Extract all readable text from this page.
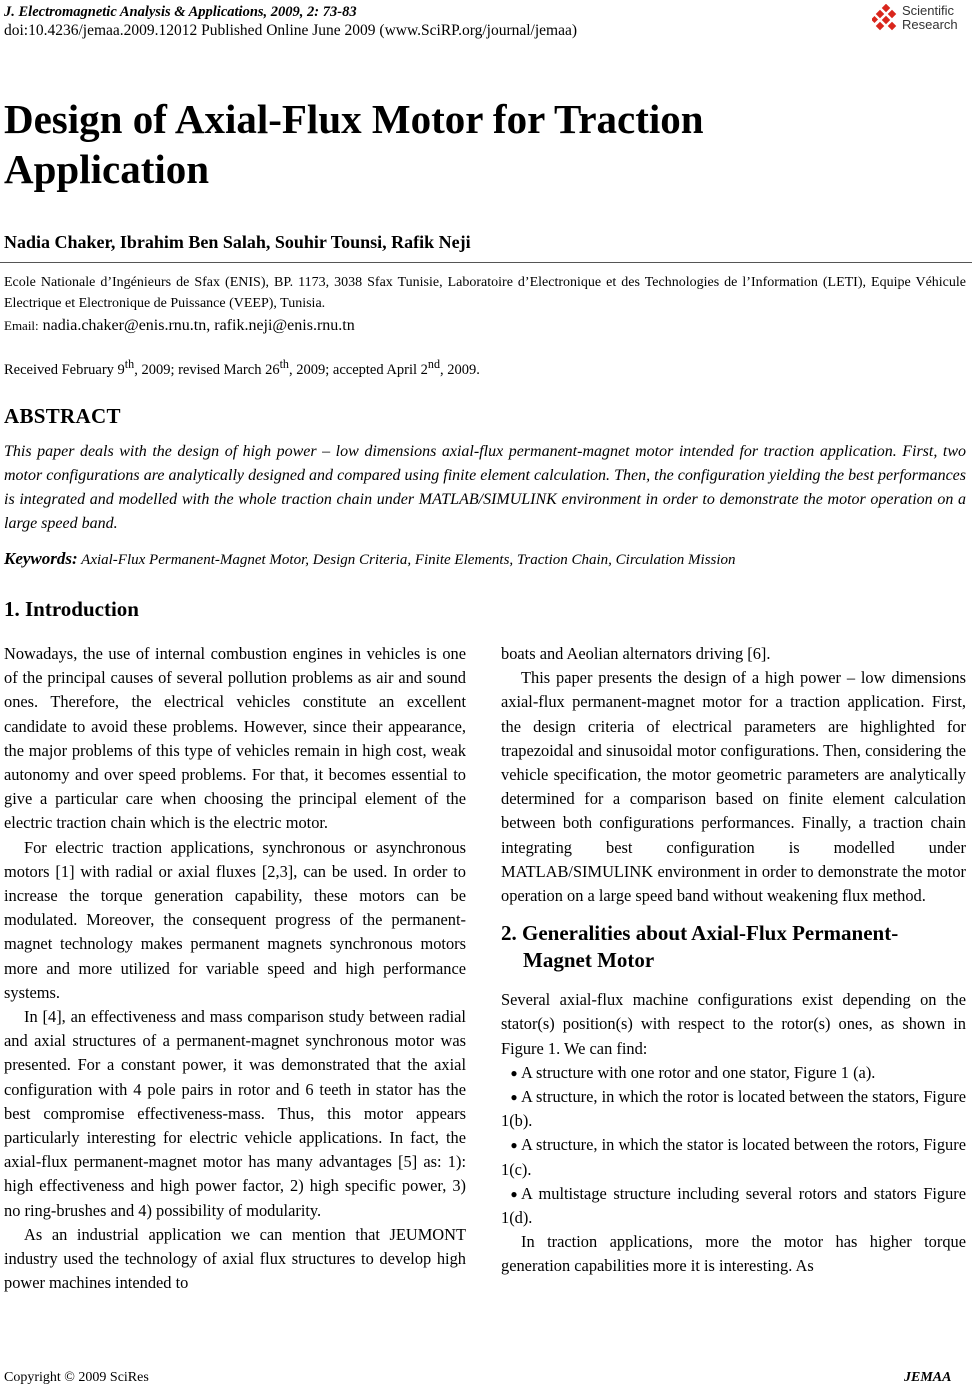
J. Electromagnetic Analysis & Applications, 2009, 2: 73-83
doi:10.4236/jemaa.2009.12012 Published Online June 2009 (www.SciRP.org/journal/jemaa)
Scientific
Research
Design of Axial-Flux Motor for Traction
Application
Nadia Chaker, Ibrahim Ben Salah, Souhir Tounsi, Rafik Neji
Ecole Nationale d’Ingénieurs de Sfax (ENIS), BP. 1173, 3038 Sfax Tunisie, Laboratoire d’Electronique et des Technologies de l’Information (LETI), Equipe Véhicule Electrique et Electronique de Puissance (VEEP), Tunisia.
Email: nadia.chaker@enis.rnu.tn, rafik.neji@enis.rnu.tn
Received February 9th, 2009; revised March 26th, 2009; accepted April 2nd, 2009.
ABSTRACT
This paper deals with the design of high power – low dimensions axial-flux permanent-magnet motor intended for traction application. First, two motor configurations are analytically designed and compared using finite element calculation. Then, the configuration yielding the best performances is integrated and modelled with the whole traction chain under MATLAB/SIMULINK environment in order to demonstrate the motor operation on a large speed band.
Keywords: Axial-Flux Permanent-Magnet Motor, Design Criteria, Finite Elements, Traction Chain, Circulation Mission
1. Introduction

Nowadays, the use of internal combustion engines in vehicles is one of the principal causes of several pollution problems as air and sound ones. Therefore, the electrical vehicles constitute an excellent candidate to avoid these problems. However, since their appearance, the major problems of this type of vehicles remain in high cost, weak autonomy and over speed problems. For that, it becomes essential to give a particular care when choosing the principal element of the electric traction chain which is the electric motor.

For electric traction applications, synchronous or asynchronous motors [1] with radial or axial fluxes [2,3], can be used. In order to increase the torque generation capability, these motors can be modulated. Moreover, the consequent progress of the permanent-magnet technology makes permanent magnets synchronous motors more and more utilized for variable speed and high performance systems.

In [4], an effectiveness and mass comparison study between radial and axial structures of a permanent-magnet synchronous motor was presented. For a constant power, it was demonstrated that the axial configuration with 4 pole pairs in rotor and 6 teeth in stator has the best compromise effectiveness-mass. Thus, this motor appears particularly interesting for electric vehicle applications. In fact, the axial-flux permanent-magnet motor has many advantages [5] as: 1): high effectiveness and high power factor, 2) high specific power, 3) no ring-brushes and 4) possibility of modularity.

As an industrial application we can mention that JEUMONT industry used the technology of axial flux structures to develop high power machines intended to

boats and Aeolian alternators driving [6].

This paper presents the design of a high power – low dimensions axial-flux permanent-magnet motor for a traction application. First, the design criteria of electrical parameters are highlighted for trapezoidal and sinusoidal motor configurations. Then, considering the vehicle specification, the motor geometric parameters are analytically determined for a comparison based on finite element calculation between both configurations performances. Finally, a traction chain integrating best configuration is modelled under MATLAB/SIMULINK environment in order to demonstrate the motor operation on a large speed band without weakening flux method.

2. Generalities about Axial-Flux Permanent-Magnet Motor

Several axial-flux machine configurations exist depending on the stator(s) position(s) with respect to the rotor(s) ones, as shown in Figure 1. We can find:

● A structure with one rotor and one stator, Figure 1 (a).

● A structure, in which the rotor is located between the stators, Figure 1(b).

● A structure, in which the stator is located between the rotors, Figure 1(c).

● A multistage structure including several rotors and stators Figure 1(d).

In traction applications, more the motor has higher torque generation capabilities more it is interesting. As

Copyright © 2009 SciRes	JEMAA
